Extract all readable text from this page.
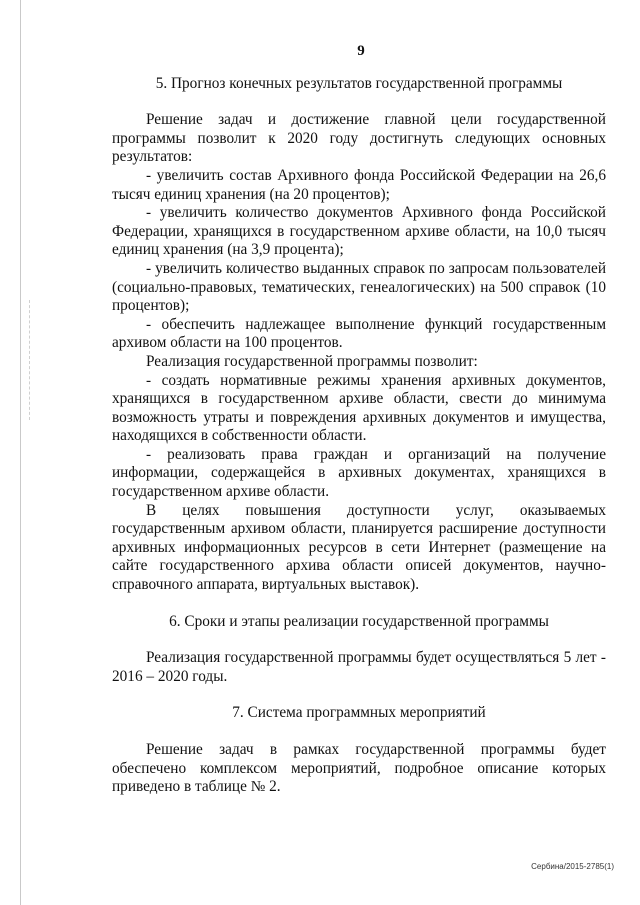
9

5. Прогноз конечных результатов государственной программы

Решение задач и достижение главной цели государственной программы позволит к 2020 году достигнуть следующих основных результатов:

- увеличить состав Архивного фонда Российской Федерации на 26,6 тысяч единиц хранения (на 20 процентов);

- увеличить количество документов Архивного фонда Российской Федерации, хранящихся в государственном архиве области, на 10,0 тысяч единиц хранения (на 3,9 процента);

- увеличить количество выданных справок по запросам пользователей (социально-правовых, тематических, генеалогических) на 500 справок (10 процентов);

- обеспечить надлежащее выполнение функций государственным архивом области на 100 процентов.

Реализация государственной программы позволит:

- создать нормативные режимы хранения архивных документов, хранящихся в государственном архиве области, свести до минимума возможность утраты и повреждения архивных документов и имущества, находящихся в собственности области.

- реализовать права граждан и организаций на получение информации, содержащейся в архивных документах, хранящихся в государственном архиве области.

В целях повышения доступности услуг, оказываемых государственным архивом области, планируется расширение доступности архивных информационных ресурсов в сети Интернет (размещение на сайте государственного архива области описей документов, научно-справочного аппарата, виртуальных выставок).

6. Сроки и этапы реализации государственной программы

Реализация государственной программы будет осуществляться 5 лет - 2016 – 2020 годы.

7. Система программных мероприятий

Решение задач в рамках государственной программы будет обеспечено комплексом мероприятий, подробное описание которых приведено в таблице № 2.

Сербина/2015-2785(1)
